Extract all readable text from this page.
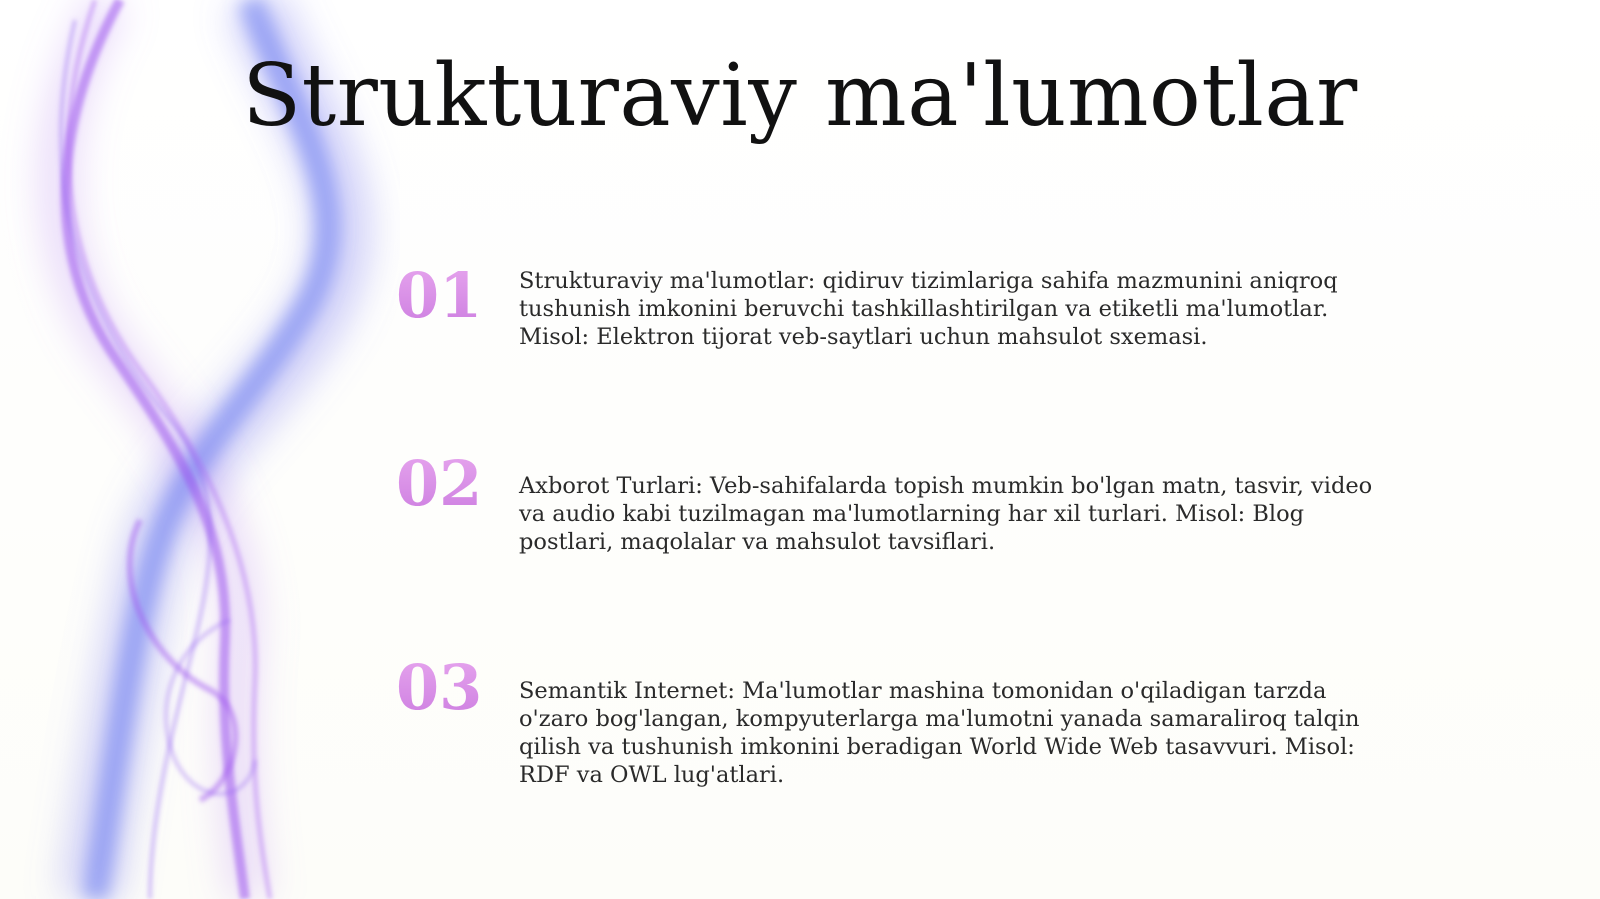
Strukturaviy ma'lumotlar
01	Strukturaviy ma'lumotlar: qidiruv tizimlariga sahifa mazmunini aniqroq tushunish imkonini beruvchi tashkillashtirilgan va etiketli ma'lumotlar. Misol: Elektron tijorat veb-saytlari uchun mahsulot sxemasi.
02	Axborot Turlari: Veb-sahifalarda topish mumkin bo'lgan matn, tasvir, video va audio kabi tuzilmagan ma'lumotlarning har xil turlari. Misol: Blog postlari, maqolalar va mahsulot tavsiflari.
03	Semantik Internet: Ma'lumotlar mashina tomonidan o'qiladigan tarzda o'zaro bog'langan, kompyuterlarga ma'lumotni yanada samaraliroq talqin qilish va tushunish imkonini beradigan World Wide Web tasavvuri. Misol: RDF va OWL lug'atlari.
